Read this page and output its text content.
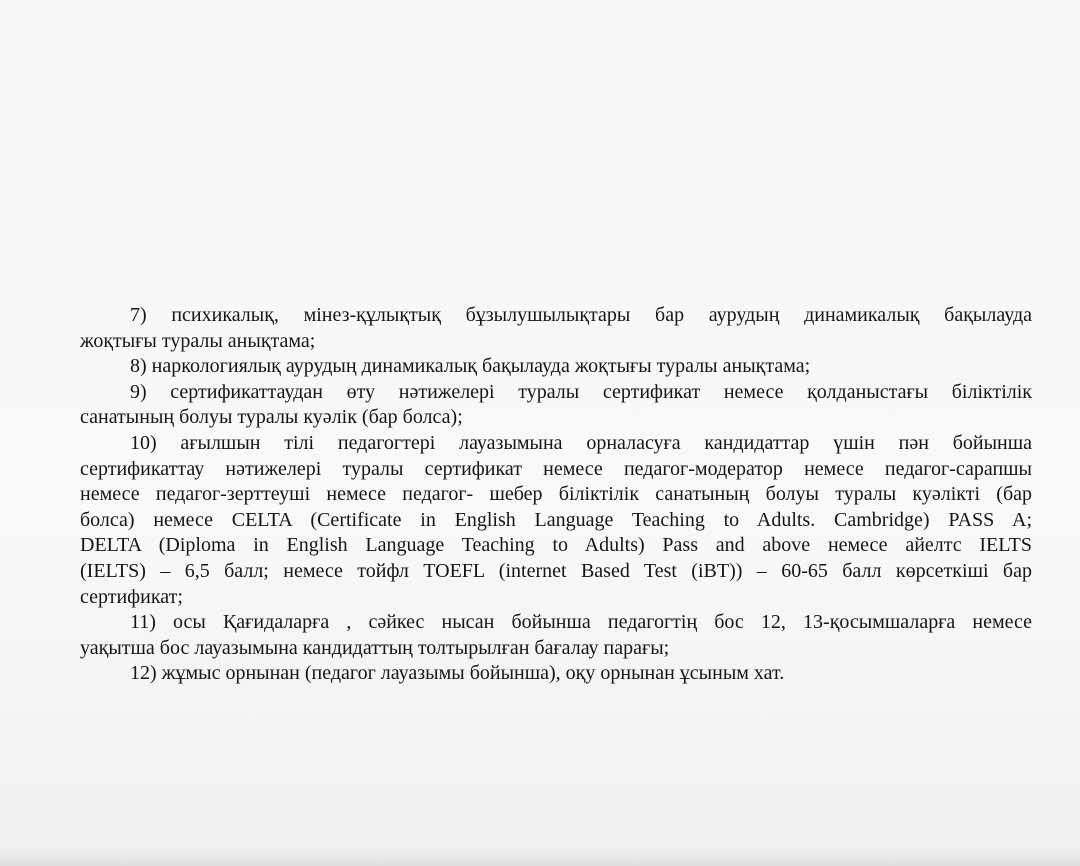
7) психикалық, мінез-құлықтық бұзылушылықтары бар аурудың динамикалық бақылауда
жоқтығы туралы анықтама;
8) наркологиялық аурудың динамикалық бақылауда жоқтығы туралы анықтама;
9) сертификаттаудан өту нәтижелері туралы сертификат немесе қолданыстағы біліктілік
санатының болуы туралы куәлік (бар болса);
10) ағылшын тілі педагогтері лауазымына орналасуға кандидаттар үшін пән бойынша
сертификаттау нәтижелері туралы сертификат немесе педагог-модератор немесе педагог-сарапшы
немесе педагог-зерттеуші немесе педагог- шебер біліктілік санатының болуы туралы куәлікті (бар
болса) немесе CELTA (Certificate in English Language Teaching to Adults. Cambridge) PASS A;
DELTA (Diploma in English Language Teaching to Adults) Pass and above немесе айелтс IELTS
(IELTS) – 6,5 балл; немесе тойфл TOEFL (internet Based Test (iBT)) – 60-65 балл көрсеткіші бар
сертификат;
11) осы Қағидаларға , сәйкес нысан бойынша педагогтің бос 12, 13-қосымшаларға немесе
уақытша бос лауазымына кандидаттың толтырылған бағалау парағы;
12) жұмыс орнынан (педагог лауазымы бойынша), оқу орнынан ұсыным хат.
